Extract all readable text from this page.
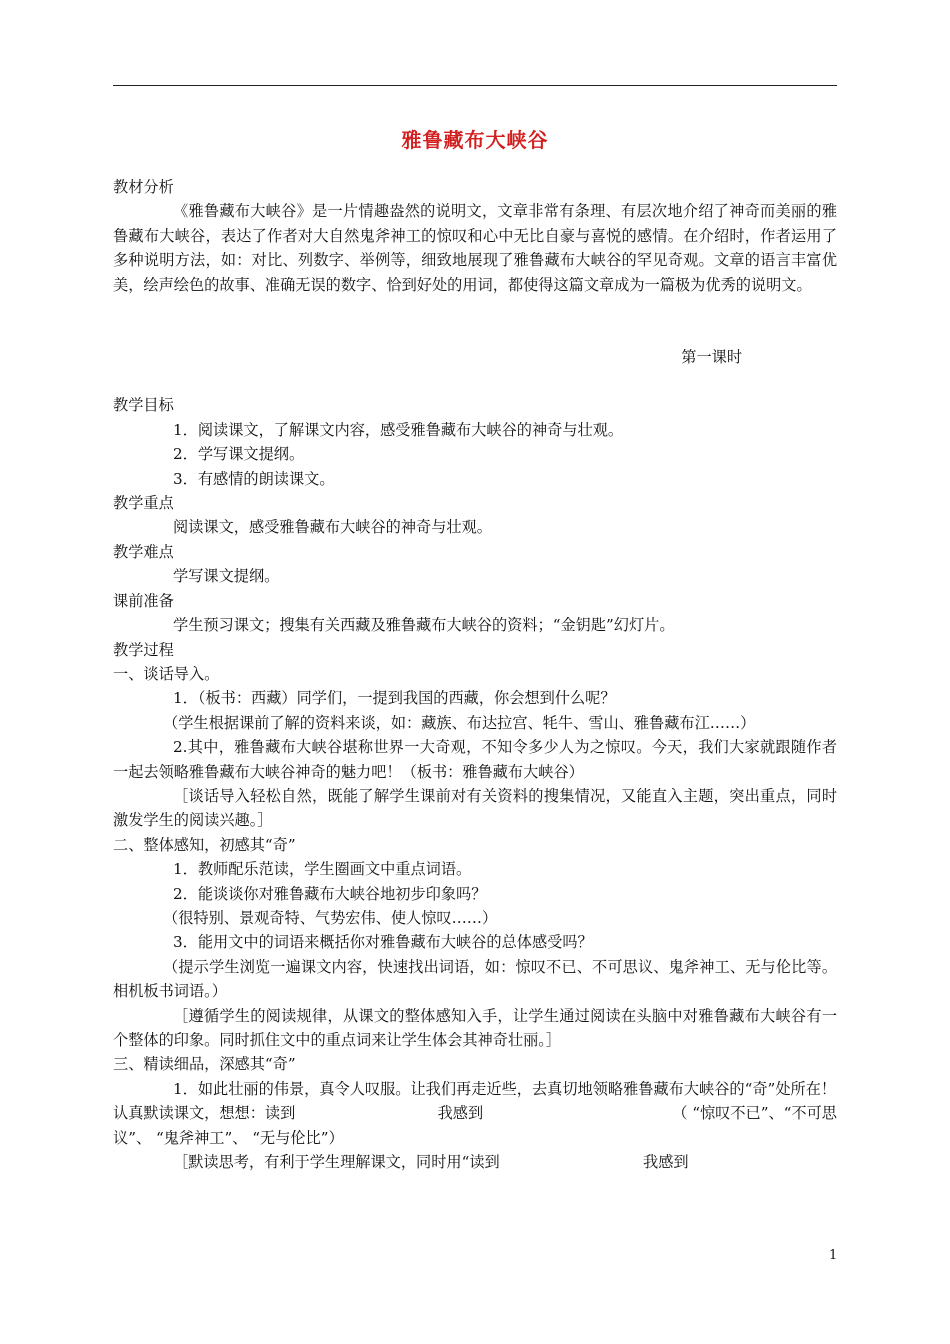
雅鲁藏布大峡谷

教材分析

《雅鲁藏布大峡谷》是一片情趣盎然的说明文，文章非常有条理、有层次地介绍了神奇而美丽的雅鲁藏布大峡谷，表达了作者对大自然鬼斧神工的惊叹和心中无比自豪与喜悦的感情。在介绍时，作者运用了多种说明方法，如：对比、列数字、举例等，细致地展现了雅鲁藏布大峡谷的罕见奇观。文章的语言丰富优美，绘声绘色的故事、准确无误的数字、恰到好处的用词，都使得这篇文章成为一篇极为优秀的说明文。

第一课时

教学目标

1．阅读课文，了解课文内容，感受雅鲁藏布大峡谷的神奇与壮观。

2．学写课文提纲。

3．有感情的朗读课文。

教学重点

阅读课文，感受雅鲁藏布大峡谷的神奇与壮观。

教学难点

学写课文提纲。

课前准备

学生预习课文；搜集有关西藏及雅鲁藏布大峡谷的资料；“金钥匙”幻灯片。

教学过程

一、谈话导入。

1．（板书：西藏）同学们，一提到我国的西藏，你会想到什么呢？

（学生根据课前了解的资料来谈，如：藏族、布达拉宫、牦牛、雪山、雅鲁藏布江……）

2.其中，雅鲁藏布大峡谷堪称世界一大奇观，不知令多少人为之惊叹。今天，我们大家就跟随作者一起去领略雅鲁藏布大峡谷神奇的魅力吧！（板书：雅鲁藏布大峡谷）

［谈话导入轻松自然，既能了解学生课前对有关资料的搜集情况，又能直入主题，突出重点，同时激发学生的阅读兴趣。］

二、整体感知，初感其“奇”

1．教师配乐范读，学生圈画文中重点词语。

2．能谈谈你对雅鲁藏布大峡谷地初步印象吗？

（很特别、景观奇特、气势宏伟、使人惊叹……）

3．能用文中的词语来概括你对雅鲁藏布大峡谷的总体感受吗？

（提示学生浏览一遍课文内容，快速找出词语，如：惊叹不已、不可思议、鬼斧神工、无与伦比等。相机板书词语。）

［遵循学生的阅读规律，从课文的整体感知入手，让学生通过阅读在头脑中对雅鲁藏布大峡谷有一个整体的印象。同时抓住文中的重点词来让学生体会其神奇壮丽。］

三、精读细品，深感其“奇”

1．如此壮丽的伟景，真令人叹服。让我们再走近些，去真切地领略雅鲁藏布大峡谷的“奇”处所在！

认真默读课文，想想：读到	我感到	（ “惊叹不已”、“不可思

议”、 “鬼斧神工”、 “无与伦比”）

［默读思考，有利于学生理解课文，同时用“读到	我感到
1
